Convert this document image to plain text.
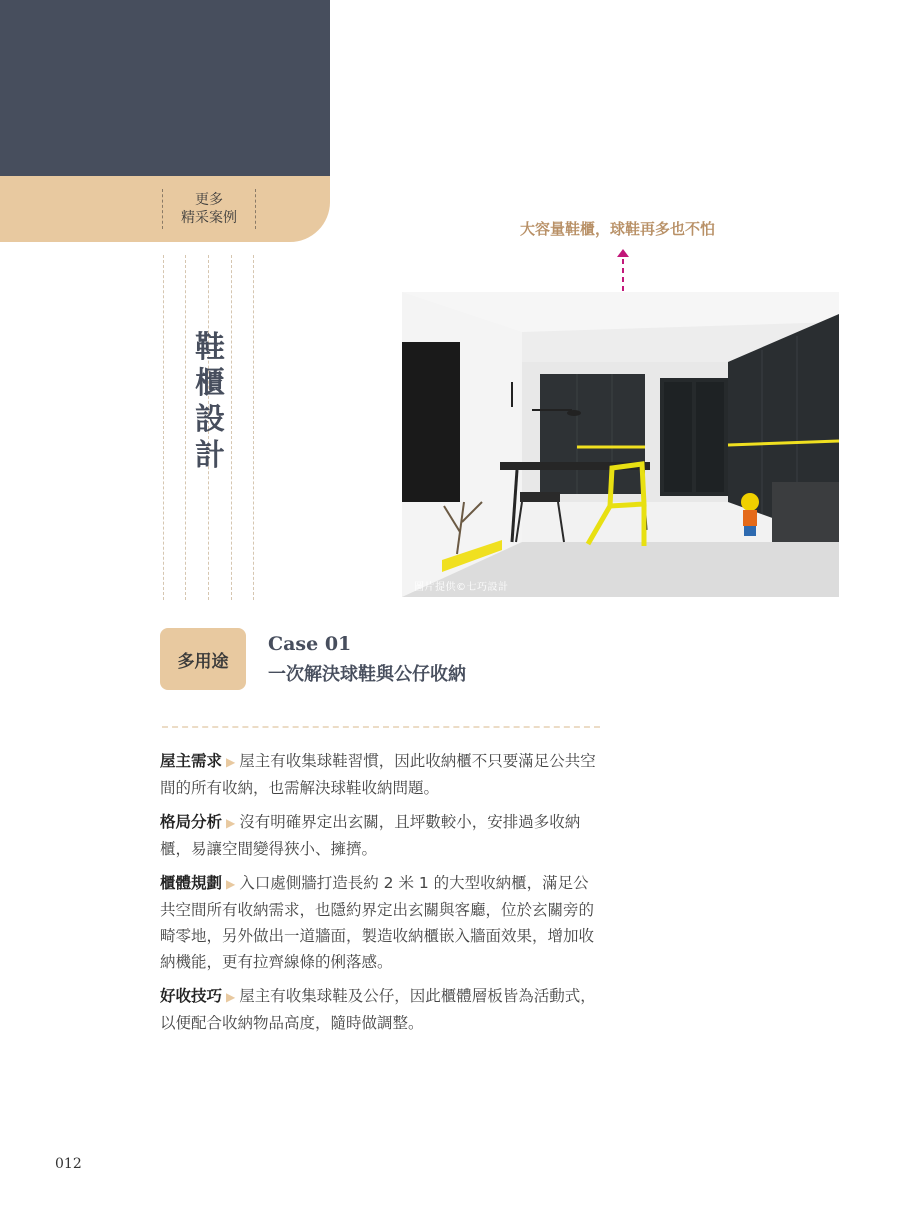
更多
精采案例
鞋
櫃
設
計
大容量鞋櫃，球鞋再多也不怕
圖片提供©七巧設計
多用途
Case 01
一次解決球鞋與公仔收納

屋主需求 ▶ 屋主有收集球鞋習慣，因此收納櫃不只要滿足公共空間的所有收納，也需解決球鞋收納問題。

格局分析 ▶ 沒有明確界定出玄關，且坪數較小，安排過多收納櫃，易讓空間變得狹小、擁擠。

櫃體規劃 ▶ 入口處側牆打造長約 2 米 1 的大型收納櫃，滿足公共空間所有收納需求，也隱約界定出玄關與客廳，位於玄關旁的畸零地，另外做出一道牆面，製造收納櫃嵌入牆面效果，增加收納機能，更有拉齊線條的俐落感。

好收技巧 ▶ 屋主有收集球鞋及公仔，因此櫃體層板皆為活動式，以便配合收納物品高度，隨時做調整。

012
